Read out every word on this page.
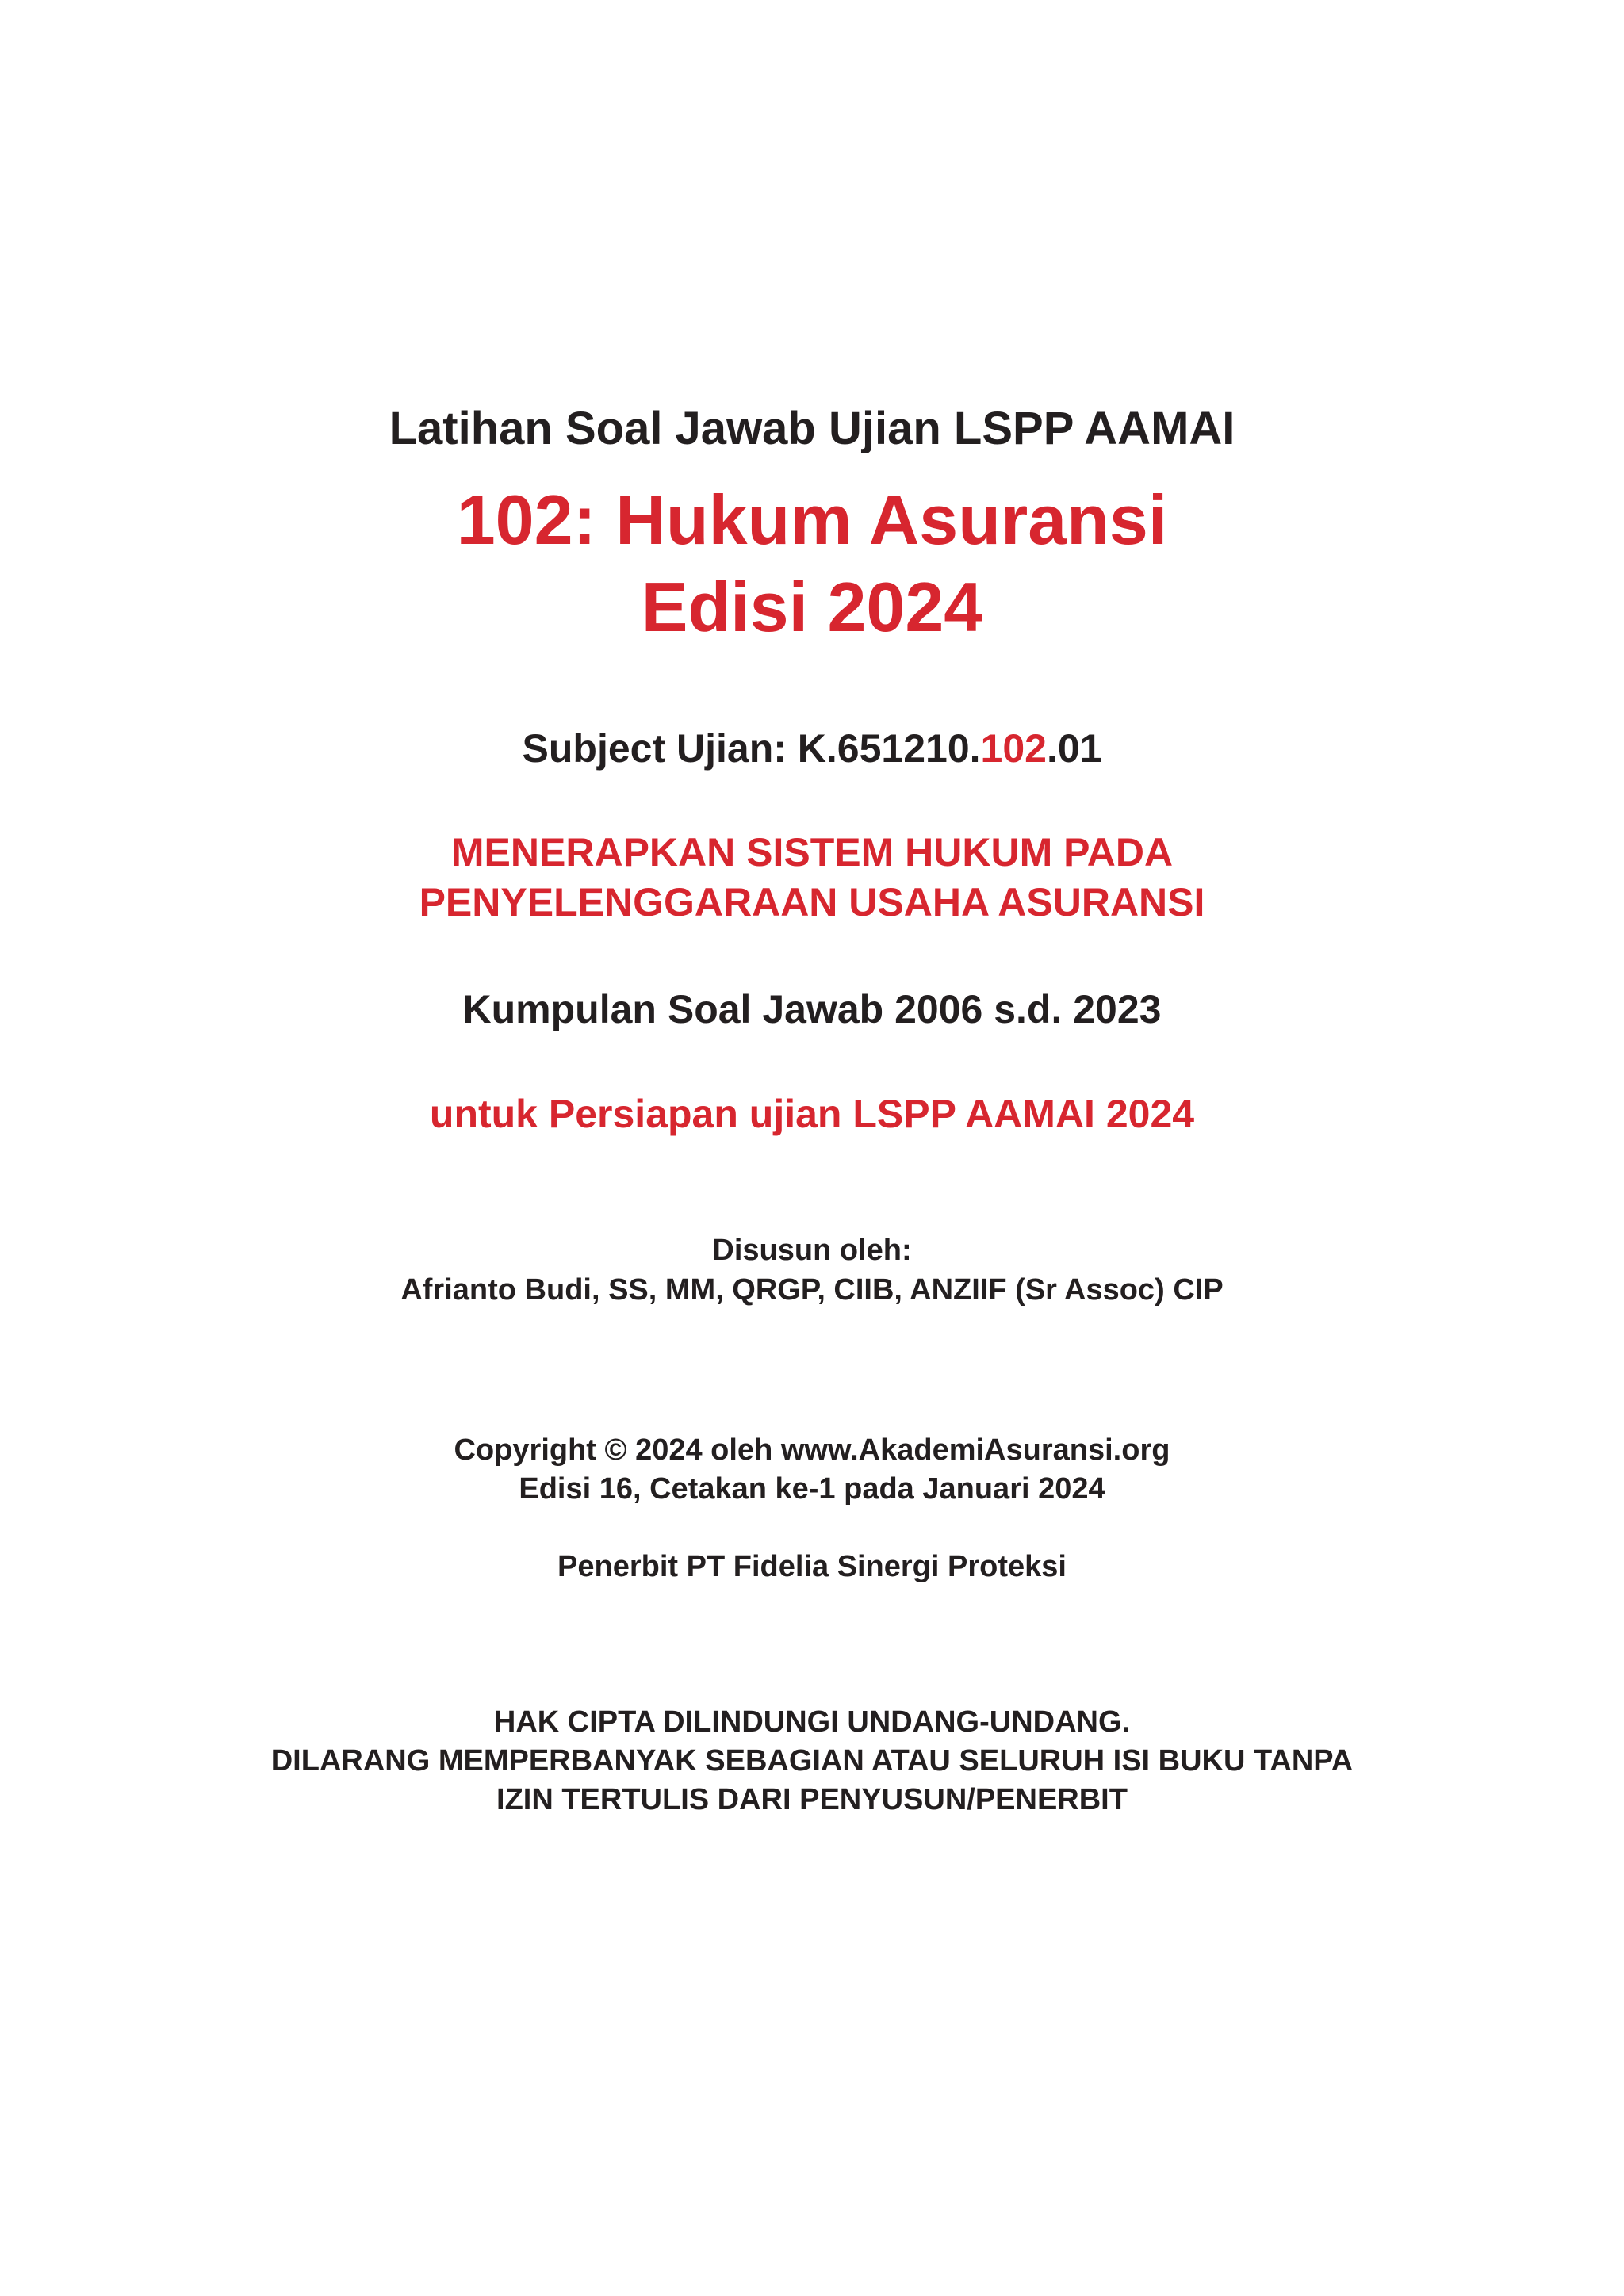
Latihan Soal Jawab Ujian LSPP AAMAI
102: Hukum Asuransi
Edisi 2024
Subject Ujian: K.651210.102.01
MENERAPKAN SISTEM HUKUM PADA
PENYELENGGARAAN USAHA ASURANSI
Kumpulan Soal Jawab 2006 s.d. 2023
untuk Persiapan ujian LSPP AAMAI 2024
Disusun oleh:
Afrianto Budi, SS, MM, QRGP, CIIB, ANZIIF (Sr Assoc) CIP
Copyright © 2024 oleh www.AkademiAsuransi.org
Edisi 16, Cetakan ke-1 pada Januari 2024
Penerbit PT Fidelia Sinergi Proteksi
HAK CIPTA DILINDUNGI UNDANG-UNDANG.
DILARANG MEMPERBANYAK SEBAGIAN ATAU SELURUH ISI BUKU TANPA
IZIN TERTULIS DARI PENYUSUN/PENERBIT
